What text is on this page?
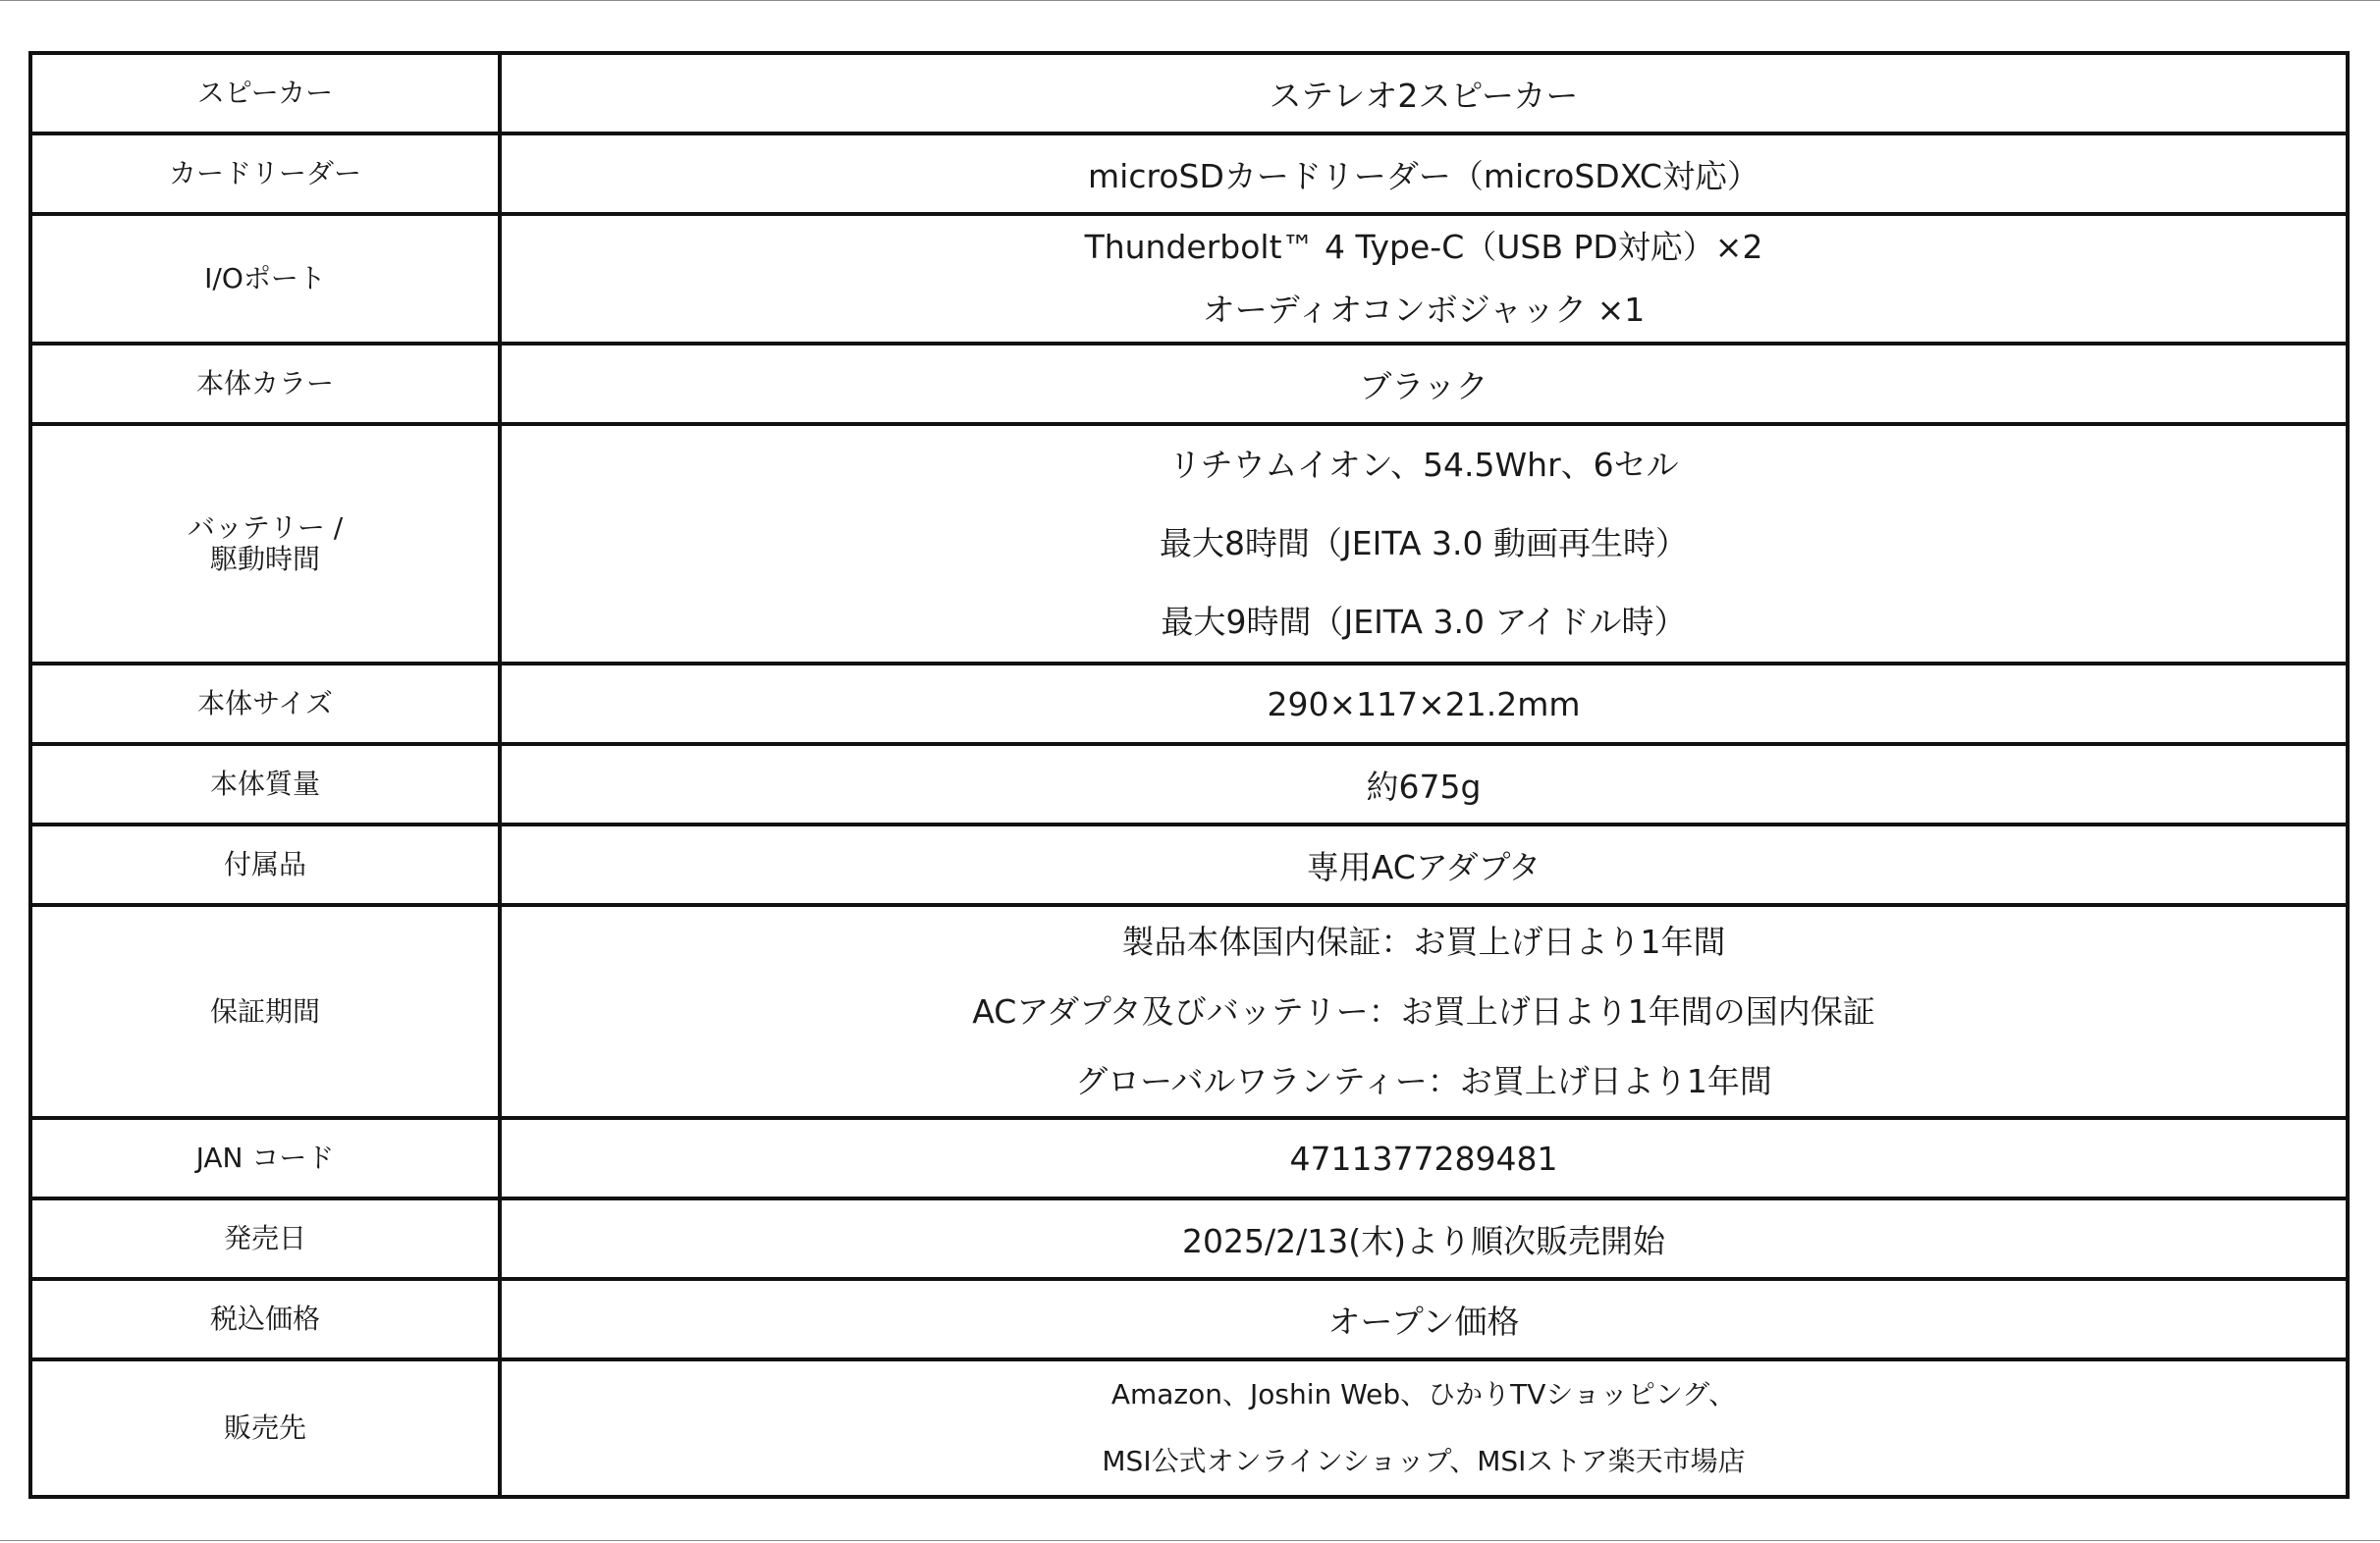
スピーカー	ステレオ2スピーカー

カードリーダー	microSDカードリーダー（microSDXC対応）

I/Oポート	Thunderbolt™ 4 Type-C（USB PD対応）×2
オーディオコンボジャック ×1

本体カラー	ブラック

バッテリー /
駆動時間	リチウムイオン、54.5Whr、6セル
最大8時間（JEITA 3.0 動画再生時）
最大9時間（JEITA 3.0 アイドル時）

本体サイズ	290×117×21.2mm

本体質量	約675g

付属品	専用ACアダプタ

保証期間	製品本体国内保証：お買上げ日より1年間
ACアダプタ及びバッテリー：お買上げ日より1年間の国内保証
グローバルワランティー：お買上げ日より1年間

JAN コード	4711377289481

発売日	2025/2/13(木)より順次販売開始

税込価格	オープン価格

販売先	Amazon、Joshin Web、ひかりTVショッピング、
MSI公式オンラインショップ、MSIストア楽天市場店
